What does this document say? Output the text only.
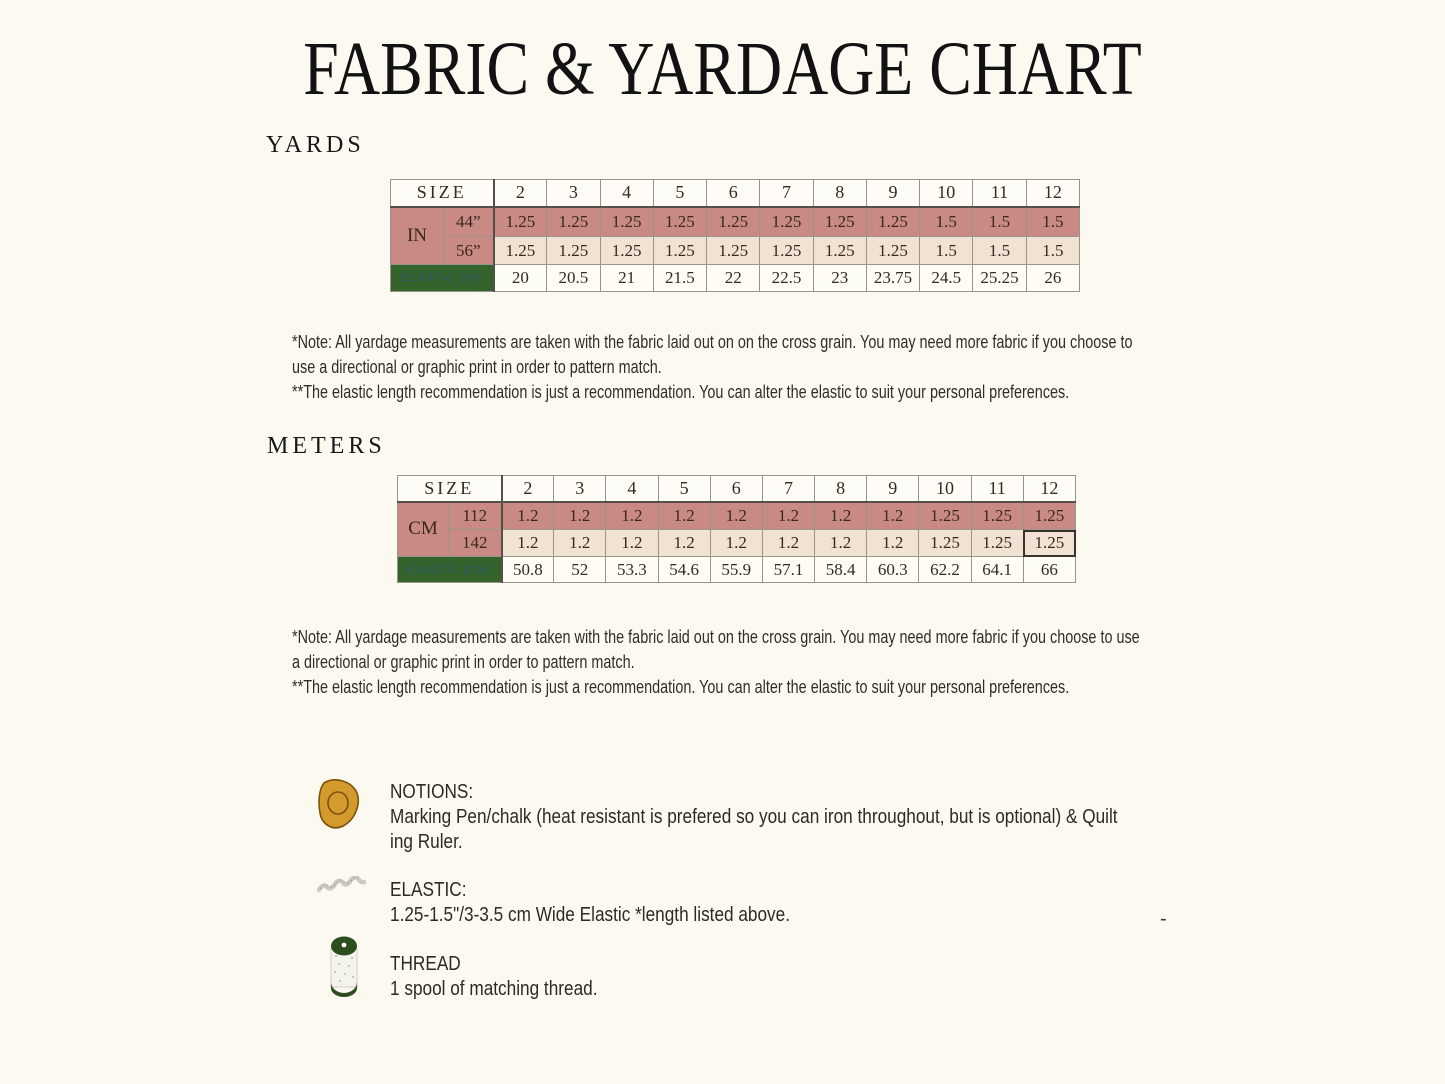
FABRIC & YARDAGE CHART
YARDS
SIZE		2	3	4	5	6	7	8	9	10	11	12
IN	44”	1.25	1.25	1.25	1.25	1.25	1.25	1.25	1.25	1.5	1.5	1.5
	56”	1.25	1.25	1.25	1.25	1.25	1.25	1.25	1.25	1.5	1.5	1.5
ELASTIC (IN)		20	20.5	21	21.5	22	22.5	23	23.75	24.5	25.25	26
*Note: All yardage measurements are taken with the fabric laid out on on the cross grain. You may need more fabric if you choose to
use a directional or graphic print in order to pattern match.
**The elastic length recommendation is just a recommendation. You can alter the elastic to suit your personal preferences.
METERS
SIZE		2	3	4	5	6	7	8	9	10	11	12
CM	112	1.2	1.2	1.2	1.2	1.2	1.2	1.2	1.2	1.25	1.25	1.25
	142	1.2	1.2	1.2	1.2	1.2	1.2	1.2	1.2	1.25	1.25	1.25
ELASTIC (CM)		50.8	52	53.3	54.6	55.9	57.1	58.4	60.3	62.2	64.1	66
*Note: All yardage measurements are taken with the fabric laid out on the cross grain. You may need more fabric if you choose to use
a directional or graphic print in order to pattern match.
**The elastic length recommendation is just a recommendation. You can alter the elastic to suit your personal preferences.
NOTIONS:
Marking Pen/chalk (heat resistant is prefered so you can iron throughout, but is optional) & Quilt
ing Ruler.
ELASTIC:
1.25-1.5"/3-3.5 cm Wide Elastic *length listed above.
THREAD
1 spool of matching thread.
-
